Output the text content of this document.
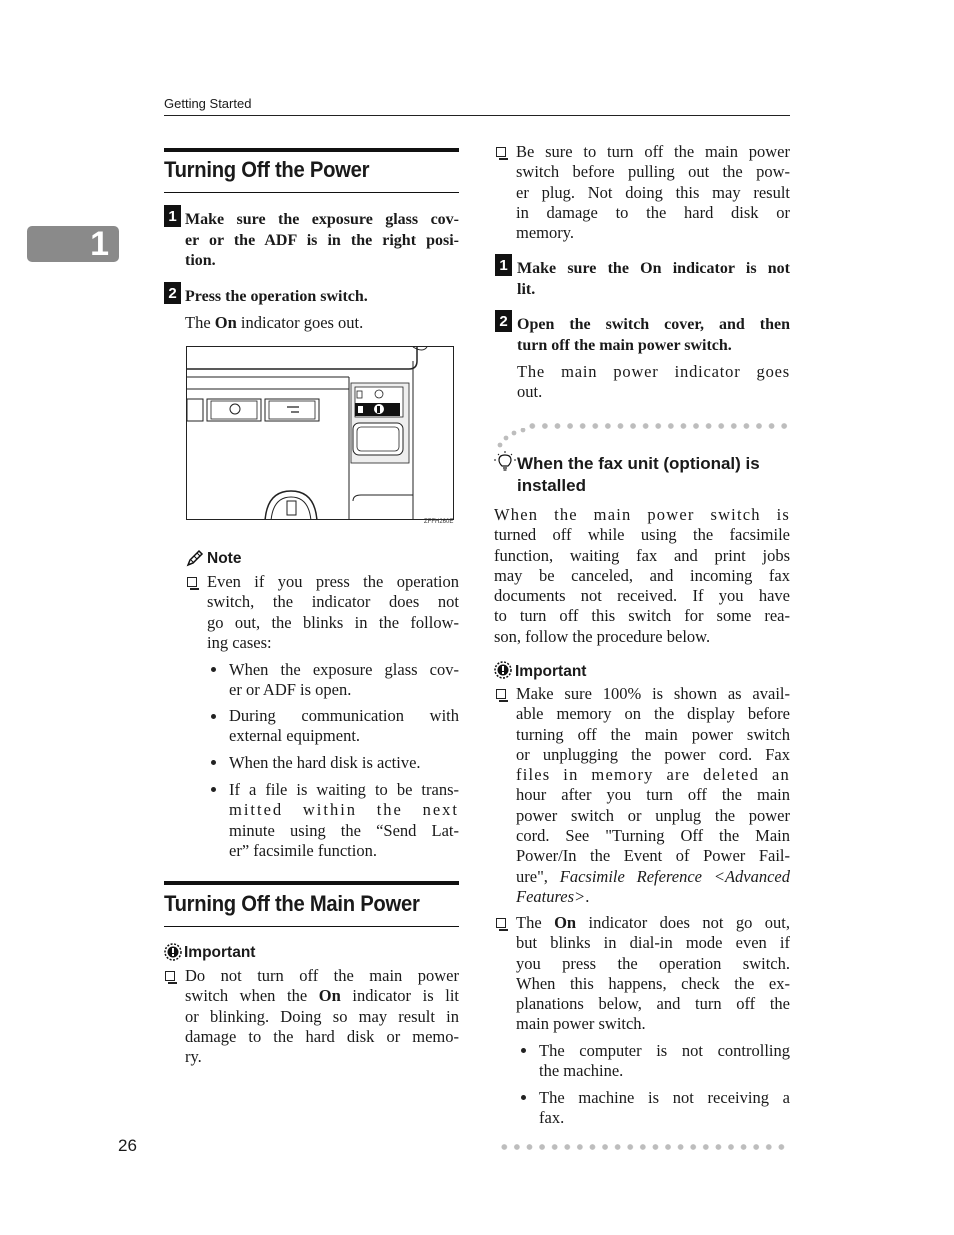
Getting Started
1
Turning Off the Power
1 Make sure the exposure glass cov-
er or the ADF is in the right posi-
tion.
2 Press the operation switch.
The On indicator goes out.
ZFFH260E
Note
Even if you press the operation
switch, the indicator does not
go out, the blinks in the follow-
ing cases:
When the exposure glass cov-
er or ADF is open.
During communication with
external equipment.
When the hard disk is active.
If a file is waiting to be trans-
mitted within the next
minute using the “Send Lat-
er” facsimile function.
Turning Off the Main Power
Important
Do not turn off the main power
switch when the On indicator is lit
or blinking. Doing so may result in
damage to the hard disk or memo-
ry.
26
Be sure to turn off the main power
switch before pulling out the pow-
er plug. Not doing this may result
in damage to the hard disk or
memory.
1 Make sure the On indicator is not
lit.
2 Open the switch cover, and then
turn off the main power switch.
The main power indicator goes
out.
When the fax unit (optional) is
installed
When the main power switch is
turned off while using the facsimile
function, waiting fax and print jobs
may be canceled, and incoming fax
documents not received. If you have
to turn off this switch for some rea-
son, follow the procedure below.
Important
Make sure 100% is shown as avail-
able memory on the display before
turning off the main power switch
or unplugging the power cord. Fax
files in memory are deleted an
hour after you turn off the main
power switch or unplug the power
cord. See "Turning Off the Main
Power/In the Event of Power Fail-
ure", Facsimile Reference <Advanced
Features>.
The On indicator does not go out,
but blinks in dial-in mode even if
you press the operation switch.
When this happens, check the ex-
planations below, and turn off the
main power switch.
The computer is not controlling
the machine.
The machine is not receiving a
fax.
